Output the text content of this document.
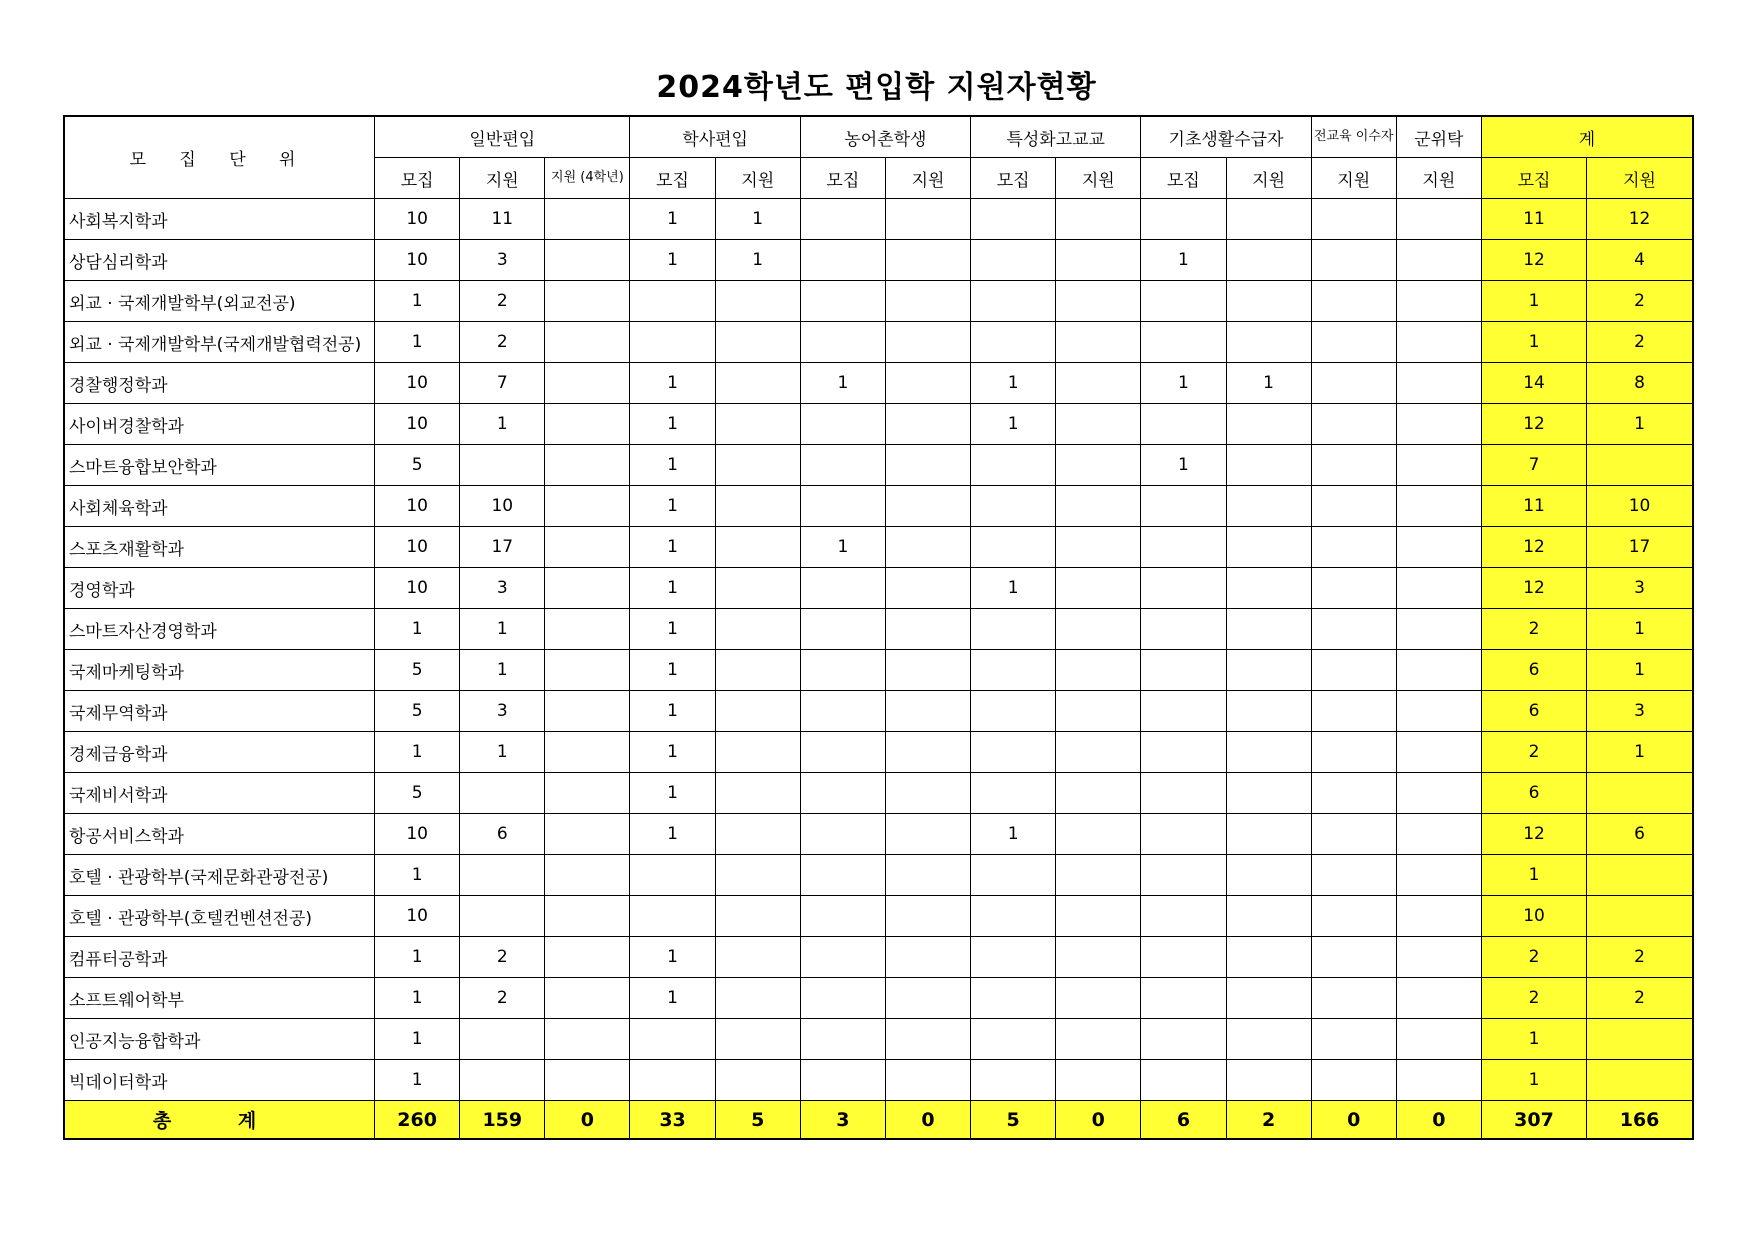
2024학년도 편입학 지원자현황
모 집 단 위	일반편입			학사편입		농어촌학생		특성화고교교		기초생활수급자		전교육 이수자	군위탁	계	
	모집	지원	지원 (4학년)	모집	지원	모집	지원	모집	지원	모집	지원	지원	지원	모집	지원
사회복지학과	10	11		1	1									11	12
상담심리학과	10	3		1	1					1				12	4
외교 · 국제개발학부(외교전공)	1	2												1	2
외교 · 국제개발학부(국제개발협력전공)	1	2												1	2
경찰행정학과	10	7		1		1		1		1	1			14	8
사이버경찰학과	10	1		1				1						12	1
스마트융합보안학과	5			1						1				7	
사회체육학과	10	10		1										11	10
스포츠재활학과	10	17		1		1								12	17
경영학과	10	3		1				1						12	3
스마트자산경영학과	1	1		1										2	1
국제마케팅학과	5	1		1										6	1
국제무역학과	5	3		1										6	3
경제금융학과	1	1		1										2	1
국제비서학과	5			1										6	
항공서비스학과	10	6		1				1						12	6
호텔 · 관광학부(국제문화관광전공)	1													1	
호텔 · 관광학부(호텔컨벤션전공)	10													10	
컴퓨터공학과	1	2		1										2	2
소프트웨어학부	1	2		1										2	2
인공지능융합학과	1													1	
빅데이터학과	1													1	
총 계	260	159	0	33	5	3	0	5	0	6	2	0	0	307	166
